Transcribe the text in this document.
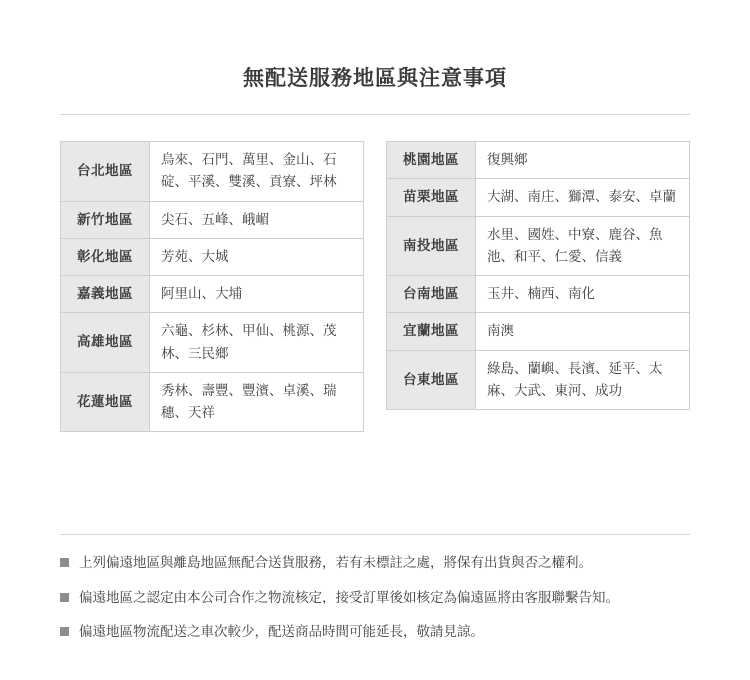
無配送服務地區與注意事項
台北地區	烏來、石門、萬里、金山、石碇、平溪、雙溪、貢寮、坪林
新竹地區	尖石、五峰、峨嵋
彰化地區	芳苑、大城
嘉義地區	阿里山、大埔
高雄地區	六龜、杉林、甲仙、桃源、茂林、三民鄉
花蓮地區	秀林、壽豐、豐濱、卓溪、瑞穗、天祥
桃園地區	復興鄉
苗栗地區	大湖、南庄、獅潭、泰安、卓蘭
南投地區	水里、國姓、中寮、鹿谷、魚池、和平、仁愛、信義
台南地區	玉井、楠西、南化
宜蘭地區	南澳
台東地區	綠島、蘭嶼、長濱、延平、太麻、大武、東河、成功
上列偏遠地區與離島地區無配合送貨服務，若有未標註之處，將保有出貨與否之權利。
偏遠地區之認定由本公司合作之物流核定，接受訂單後如核定為偏遠區將由客服聯繫告知。
偏遠地區物流配送之車次較少，配送商品時間可能延長，敬請見諒。
